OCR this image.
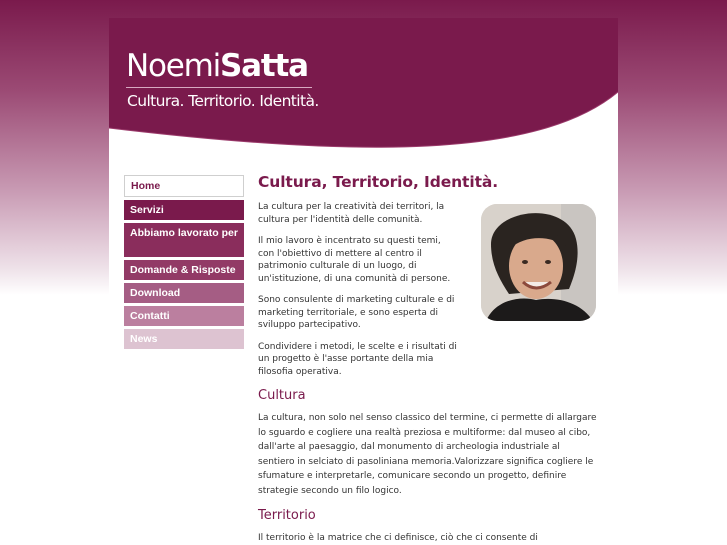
NoemiSatta
Cultura. Territorio. Identità.
Home
Servizi
Abbiamo lavorato per
Domande & Risposte
Download
Contatti
News
Cultura, Territorio, Identità.

La cultura per la creatività dei territori, la cultura per l'identità delle comunità.

Il mio lavoro è incentrato su questi temi, con l'obiettivo di mettere al centro il patrimonio culturale di un luogo, di un'istituzione, di una comunità di persone.

Sono consulente di marketing culturale e di marketing territoriale, e sono esperta di sviluppo partecipativo.

Condividere i metodi, le scelte e i risultati di un progetto è l'asse portante della mia filosofia operativa.

Cultura

La cultura, non solo nel senso classico del termine, ci permette di allargare lo sguardo e cogliere una realtà preziosa e multiforme: dal museo al cibo, dall'arte al paesaggio, dal monumento di archeologia industriale al sentiero in selciato di pasoliniana memoria.Valorizzare significa cogliere le sfumature e interpretarle, comunicare secondo un progetto, definire strategie secondo un filo logico.

Territorio

Il territorio è la matrice che ci definisce, ciò che ci consente di
